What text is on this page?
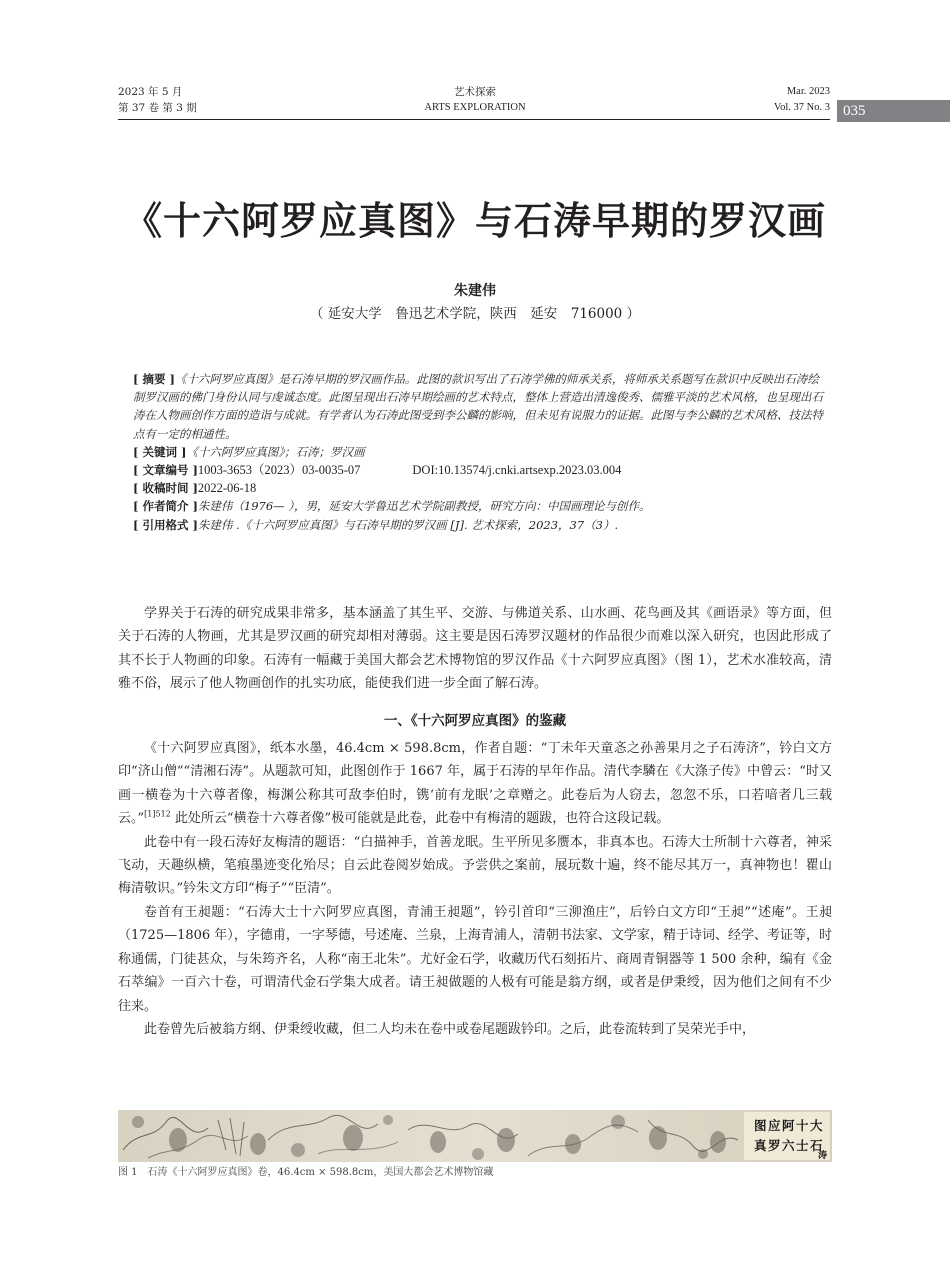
2023 年 5 月
第 37 卷 第 3 期
艺术探索
ARTS EXPLORATION
Mar. 2023
Vol. 37 No. 3 035
《十六阿罗应真图》与石涛早期的罗汉画
朱建伟
（ 延安大学　鲁迅艺术学院，陕西　延安　716000 ）
[ 摘要 ]《十六阿罗应真图》是石涛早期的罗汉画作品。此图的款识写出了石涛学佛的师承关系，将师承关系题写在款识中反映出石涛绘制罗汉画的佛门身份认同与虔诚态度。此图呈现出石涛早期绘画的艺术特点，整体上营造出清逸俊秀、儒雅平淡的艺术风格，也呈现出石涛在人物画创作方面的造诣与成就。有学者认为石涛此图受到李公麟的影响，但未见有说服力的证据。此图与李公麟的艺术风格、技法特点有一定的相通性。
[ 关键词 ]《十六阿罗应真图》；石涛；罗汉画
[ 文章编号 ]1003-3653（2023）03-0035-07	DOI:10.13574/j.cnki.artsexp.2023.03.004
[ 收稿时间 ]2022-06-18
[ 作者简介 ]朱建伟（1976— ），男，延安大学鲁迅艺术学院副教授，研究方向：中国画理论与创作。
[ 引用格式 ]朱建伟 .《十六阿罗应真图》与石涛早期的罗汉画 [J]. 艺术探索，2023，37（3）.

学界关于石涛的研究成果非常多，基本涵盖了其生平、交游、与佛道关系、山水画、花鸟画及其《画语录》等方面，但关于石涛的人物画，尤其是罗汉画的研究却相对薄弱。这主要是因石涛罗汉题材的作品很少而难以深入研究，也因此形成了其不长于人物画的印象。石涛有一幅藏于美国大都会艺术博物馆的罗汉作品《十六阿罗应真图》（图 1），艺术水准较高，清雅不俗，展示了他人物画创作的扎实功底，能使我们进一步全面了解石涛。

一、《十六阿罗应真图》的鉴藏

《十六阿罗应真图》，纸本水墨，46.4cm × 598.8cm，作者自题：“丁未年天童忞之孙善果月之子石涛济”，钤白文方印“济山僧”“清湘石涛”。从题款可知，此图创作于 1667 年，属于石涛的早年作品。清代李驎在《大涤子传》中曾云：“时又画一横卷为十六尊者像，梅渊公称其可敌李伯时，镌‘前有龙眠’之章赠之。此卷后为人窃去，忽忽不乐，口若喑者几三载云。”$^{[1]512}$ 此处所云“横卷十六尊者像”极可能就是此卷，此卷中有梅清的题跋，也符合这段记载。

此卷中有一段石涛好友梅清的题语：“白描神手，首善龙眠。生平所见多赝本，非真本也。石涛大士所制十六尊者，神采飞动，天趣纵横，笔痕墨迹变化殆尽；自云此卷阅岁始成。予尝供之案前，展玩数十遍，终不能尽其万一，真神物也！瞿山梅清敬识。”钤朱文方印“梅子”“臣清”。

卷首有王昶题：“石涛大士十六阿罗应真图，青浦王昶题”，钤引首印“三泖渔庄”，后钤白文方印“王昶”“述庵”。王昶（1725—1806 年），字德甫，一字琴德，号述庵、兰泉，上海青浦人，清朝书法家、文学家，精于诗词、经学、考证等，时称通儒，门徒甚众，与朱筠齐名，人称“南王北朱”。尤好金石学，收藏历代石刻拓片、商周青铜器等 1 500 余种，编有《金石萃编》一百六十卷，可谓清代金石学集大成者。请王昶做题的人极有可能是翁方纲，或者是伊秉绶，因为他们之间有不少往来。

此卷曾先后被翁方纲、伊秉绶收藏，但二人均未在卷中或卷尾题跋钤印。之后，此卷流转到了吴荣光手中，

图 应 阿 十 大
石
真 罗 六 士
涛
图 1　石涛《十六阿罗应真图》卷，46.4cm × 598.8cm，美国大都会艺术博物馆藏
